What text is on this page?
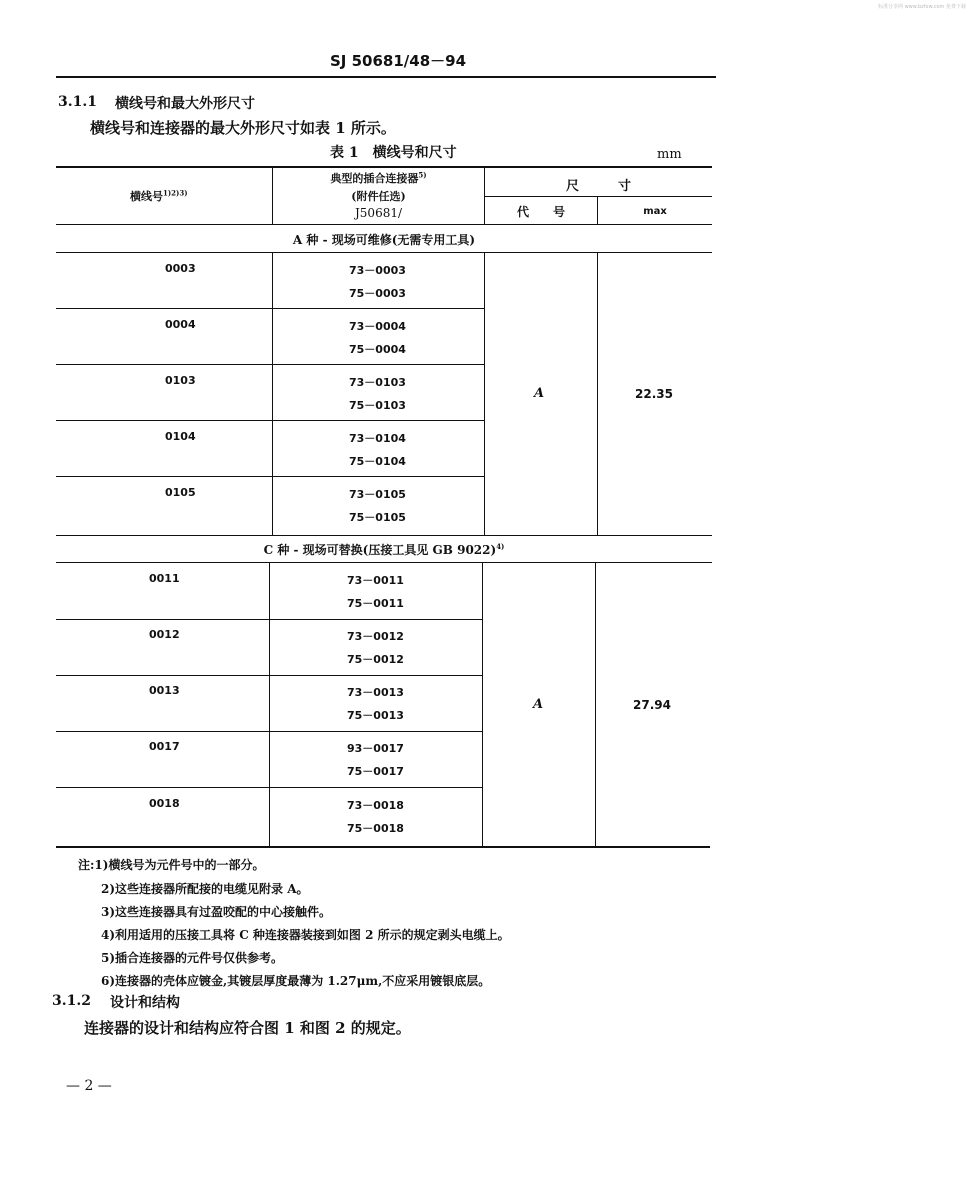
标准分享网 www.bzfxw.com 免费下载
SJ 50681/48－94
3.1.1 横线号和最大外形尺寸
横线号和连接器的最大外形尺寸如表 1 所示。
表 1　横线号和尺寸	mm
横线号$^{1)2)3)}$
典型的插合连接器$^{5)}$
(附件任选)
J50681/
尺　　　寸
代　　号	max
A 种 - 现场可维修(无需专用工具)
0003	73－0003
75－0003
0004	73－0004
75－0004
0103	73－0103
75－0103
0104	73－0104
75－0104
0105	73－0105
75－0105
A	22.35
C 种 - 现场可替换(压接工具见 GB 9022)$^{4)}$
0011	73－0011
75－0011
0012	73－0012
75－0012
0013	73－0013
75－0013
0017	93－0017
75－0017
0018	73－0018
75－0018
A	27.94
注:1)横线号为元件号中的一部分。
2)这些连接器所配接的电缆见附录 A。
3)这些连接器具有过盈咬配的中心接触件。
4)利用适用的压接工具将 C 种连接器装接到如图 2 所示的规定剥头电缆上。
5)插合连接器的元件号仅供参考。
6)连接器的壳体应镀金,其镀层厚度最薄为 1.27μm,不应采用镀银底层。
3.1.2 设计和结构
连接器的设计和结构应符合图 1 和图 2 的规定。
— 2 —
